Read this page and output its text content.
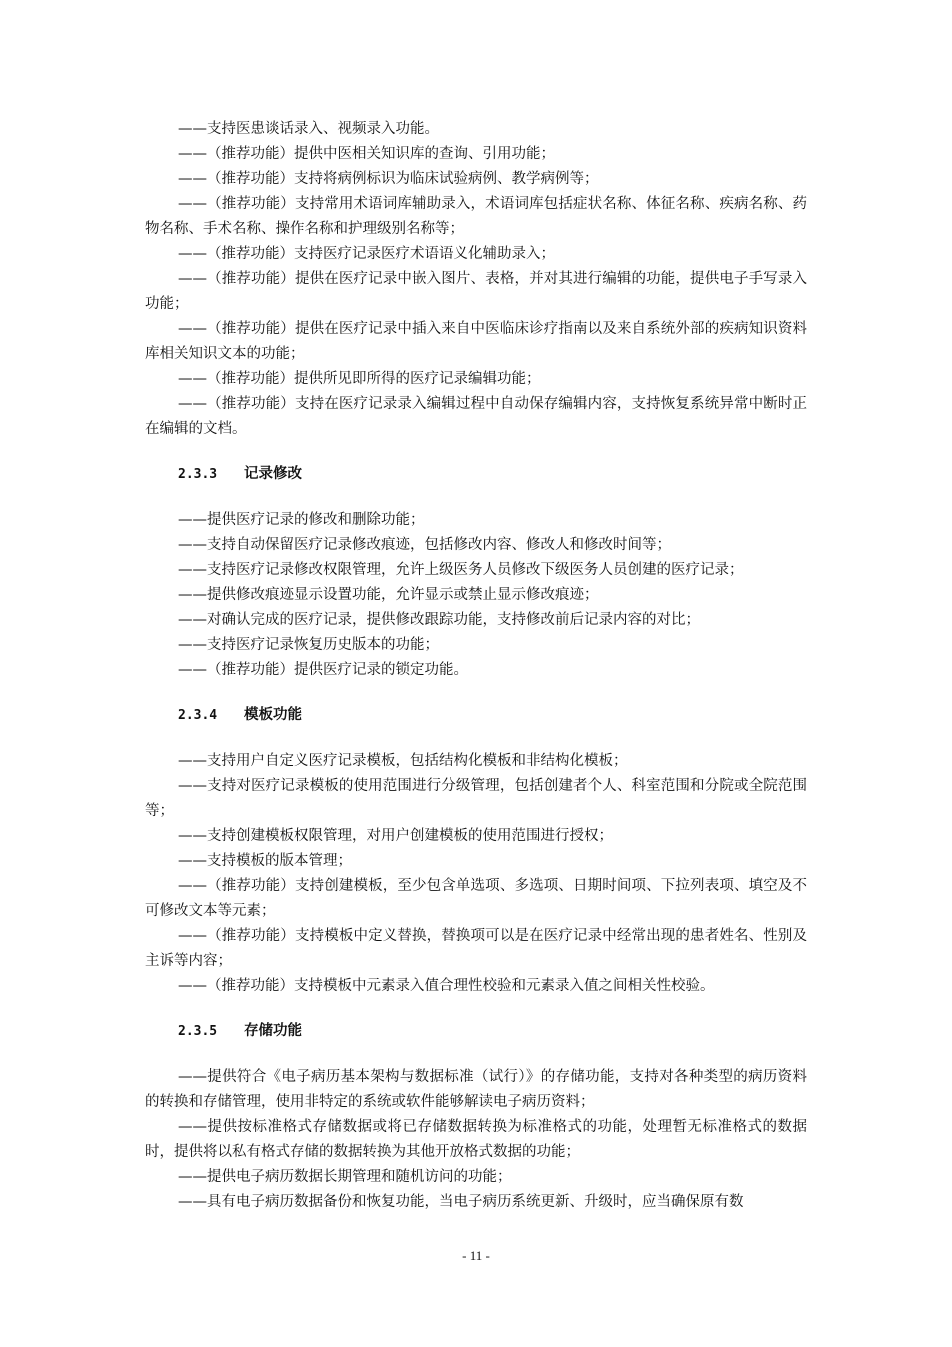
——支持医患谈话录入、视频录入功能。

——（推荐功能）提供中医相关知识库的查询、引用功能；

——（推荐功能）支持将病例标识为临床试验病例、教学病例等；

——（推荐功能）支持常用术语词库辅助录入，术语词库包括症状名称、体征名称、疾病名称、药物名称、手术名称、操作名称和护理级别名称等；

——（推荐功能）支持医疗记录医疗术语语义化辅助录入；

——（推荐功能）提供在医疗记录中嵌入图片、表格，并对其进行编辑的功能，提供电子手写录入功能；

——（推荐功能）提供在医疗记录中插入来自中医临床诊疗指南以及来自系统外部的疾病知识资料库相关知识文本的功能；

——（推荐功能）提供所见即所得的医疗记录编辑功能；

——（推荐功能）支持在医疗记录录入编辑过程中自动保存编辑内容，支持恢复系统异常中断时正在编辑的文档。

2.3.3	记录修改

——提供医疗记录的修改和删除功能；

——支持自动保留医疗记录修改痕迹，包括修改内容、修改人和修改时间等；

——支持医疗记录修改权限管理，允许上级医务人员修改下级医务人员创建的医疗记录；

——提供修改痕迹显示设置功能，允许显示或禁止显示修改痕迹；

——对确认完成的医疗记录，提供修改跟踪功能，支持修改前后记录内容的对比；

——支持医疗记录恢复历史版本的功能；

——（推荐功能）提供医疗记录的锁定功能。

2.3.4	模板功能

——支持用户自定义医疗记录模板，包括结构化模板和非结构化模板；

——支持对医疗记录模板的使用范围进行分级管理，包括创建者个人、科室范围和分院或全院范围等；

——支持创建模板权限管理，对用户创建模板的使用范围进行授权；

——支持模板的版本管理；

——（推荐功能）支持创建模板，至少包含单选项、多选项、日期时间项、下拉列表项、填空及不可修改文本等元素；

——（推荐功能）支持模板中定义替换，替换项可以是在医疗记录中经常出现的患者姓名、性别及主诉等内容；

——（推荐功能）支持模板中元素录入值合理性校验和元素录入值之间相关性校验。

2.3.5	存储功能

——提供符合《电子病历基本架构与数据标准（试行）》的存储功能，支持对各种类型的病历资料的转换和存储管理，使用非特定的系统或软件能够解读电子病历资料；

——提供按标准格式存储数据或将已存储数据转换为标准格式的功能，处理暂无标准格式的数据时，提供将以私有格式存储的数据转换为其他开放格式数据的功能；

——提供电子病历数据长期管理和随机访问的功能；

——具有电子病历数据备份和恢复功能，当电子病历系统更新、升级时，应当确保原有数

- 11 -
